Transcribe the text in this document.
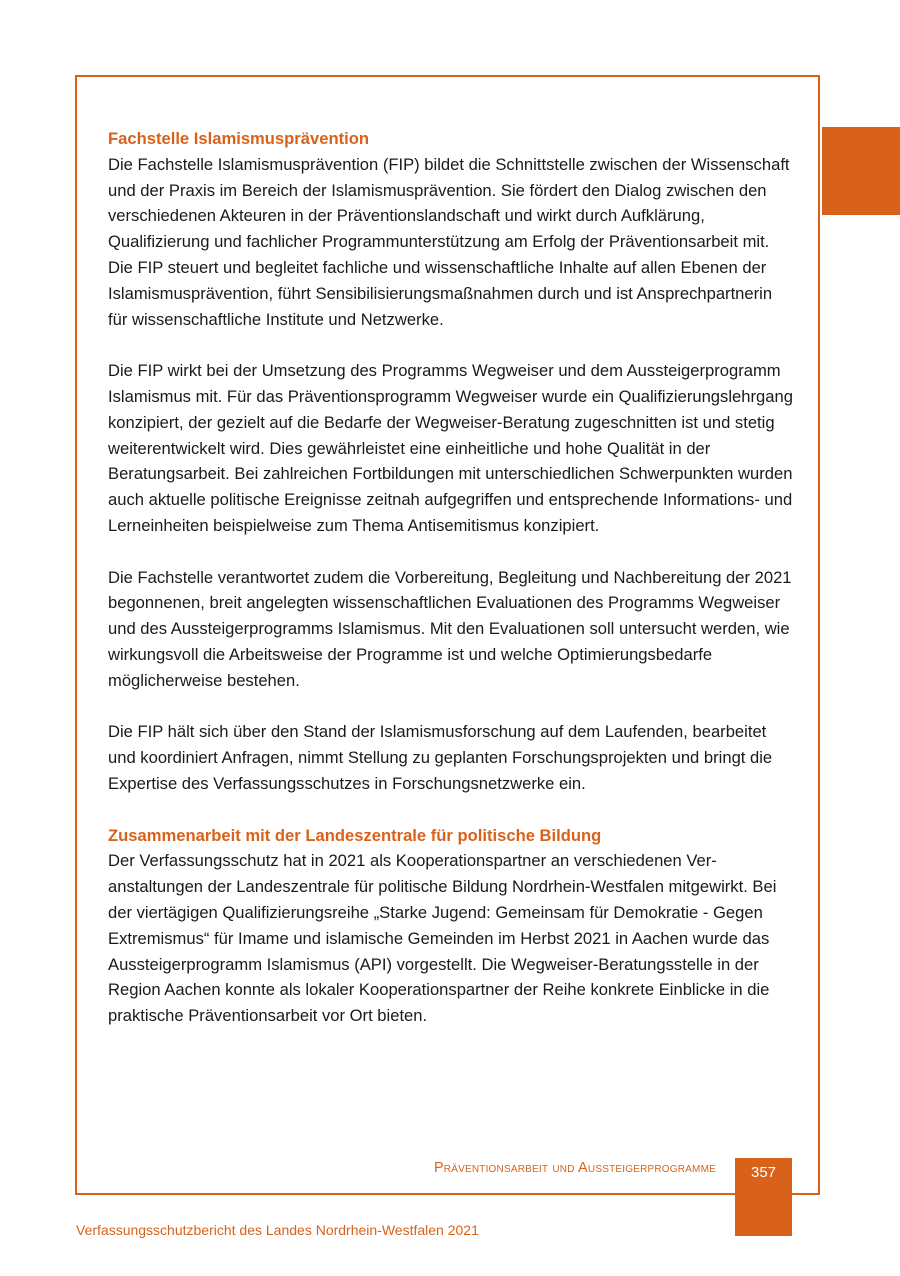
Fachstelle Islamismusprävention

Die Fachstelle Islamismusprävention (FIP) bildet die Schnittstelle zwischen der Wissenschaft und der Praxis im Bereich der Islamismusprävention. Sie fördert den Dialog zwischen den verschiedenen Akteuren in der Präventionslandschaft und wirkt durch Aufklärung, Qualifizierung und fachlicher Programmunterstützung am Erfolg der Präventionsarbeit mit. Die FIP steuert und begleitet fachliche und wissenschaftliche Inhalte auf allen Ebenen der Islamismusprävention, führt Sensibilisierungsmaßnahmen durch und ist Ansprechpartnerin für wissenschaftliche Institute und Netzwerke.

Die FIP wirkt bei der Umsetzung des Programms Wegweiser und dem Aussteigerprogramm Islamismus mit. Für das Präventionsprogramm Wegweiser wurde ein Qualifizierungslehrgang konzipiert, der gezielt auf die Bedarfe der Wegweiser-Beratung zugeschnitten ist und stetig weiterentwickelt wird. Dies gewährleistet eine einheitliche und hohe Qualität in der Beratungsarbeit. Bei zahlreichen Fortbildungen mit unterschiedlichen Schwerpunkten wurden auch aktuelle politische Ereignisse zeitnah aufgegriffen und entsprechende Informations- und Lerneinheiten beispielweise zum Thema Antisemitismus konzipiert.

Die Fachstelle verantwortet zudem die Vorbereitung, Begleitung und Nachbereitung der 2021 begonnenen, breit angelegten wissenschaftlichen Evaluationen des Programms Wegweiser und des Aussteigerprogramms Islamismus. Mit den Evaluationen soll untersucht werden, wie wirkungsvoll die Arbeitsweise der Programme ist und welche Optimierungsbedarfe möglicherweise bestehen.

Die FIP hält sich über den Stand der Islamismusforschung auf dem Laufenden, bearbeitet und koordiniert Anfragen, nimmt Stellung zu geplanten Forschungsprojekten und bringt die Expertise des Verfassungsschutzes in Forschungsnetzwerke ein.

Zusammenarbeit mit der Landeszentrale für politische Bildung

Der Verfassungsschutz hat in 2021 als Kooperationspartner an verschiedenen Veranstaltungen der Landeszentrale für politische Bildung Nordrhein-Westfalen mitgewirkt. Bei der viertägigen Qualifizierungsreihe „Starke Jugend: Gemeinsam für Demokratie - Gegen Extremismus“ für Imame und islamische Gemeinden im Herbst 2021 in Aachen wurde das Aussteigerprogramm Islamismus (API) vorgestellt. Die Wegweiser-Beratungsstelle in der Region Aachen konnte als lokaler Kooperationspartner der Reihe konkrete Einblicke in die praktische Präventionsarbeit vor Ort bieten.

Präventionsarbeit und Aussteigerprogramme	357
Verfassungsschutzbericht des Landes Nordrhein-Westfalen 2021
